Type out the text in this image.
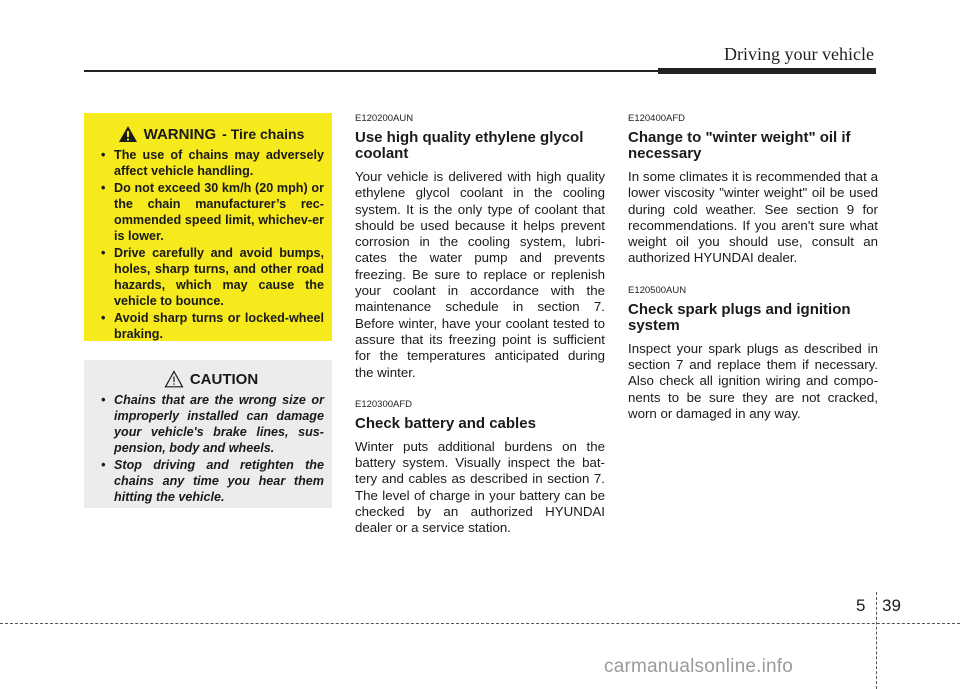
Driving your vehicle
WARNING - Tire chains
• The use of chains may adversely affect vehicle handling.
• Do not exceed 30 km/h (20 mph) or the chain manufacturer’s rec-ommended speed limit, whichev-er is lower.
• Drive carefully and avoid bumps, holes, sharp turns, and other road hazards, which may cause the vehicle to bounce.
• Avoid sharp turns or locked-wheel braking.
CAUTION
• Chains that are the wrong size or improperly installed can damage your vehicle's brake lines, sus-pension, body and wheels.
• Stop driving and retighten the chains any time you hear them hitting the vehicle.

E120200AUN

Use high quality ethylene glycol coolant

Your vehicle is delivered with high quality ethylene glycol coolant in the cooling system. It is the only type of coolant that should be used because it helps prevent corrosion in the cooling system, lubri-cates the water pump and prevents freezing. Be sure to replace or replenish your coolant in accordance with the maintenance schedule in section 7. Before winter, have your coolant tested to assure that its freezing point is sufficient for the temperatures anticipated during the winter.

E120300AFD

Check battery and cables

Winter puts additional burdens on the battery system. Visually inspect the bat-tery and cables as described in section 7. The level of charge in your battery can be checked by an authorized HYUNDAI dealer or a service station.

E120400AFD

Change to "winter weight" oil if necessary

In some climates it is recommended that a lower viscosity "winter weight" oil be used during cold weather. See section 9 for recommendations. If you aren't sure what weight oil you should use, consult an authorized HYUNDAI dealer.

E120500AUN

Check spark plugs and ignition system

Inspect your spark plugs as described in section 7 and replace them if necessary. Also check all ignition wiring and compo-nents to be sure they are not cracked, worn or damaged in any way.

5 39
carmanualsonline.info
